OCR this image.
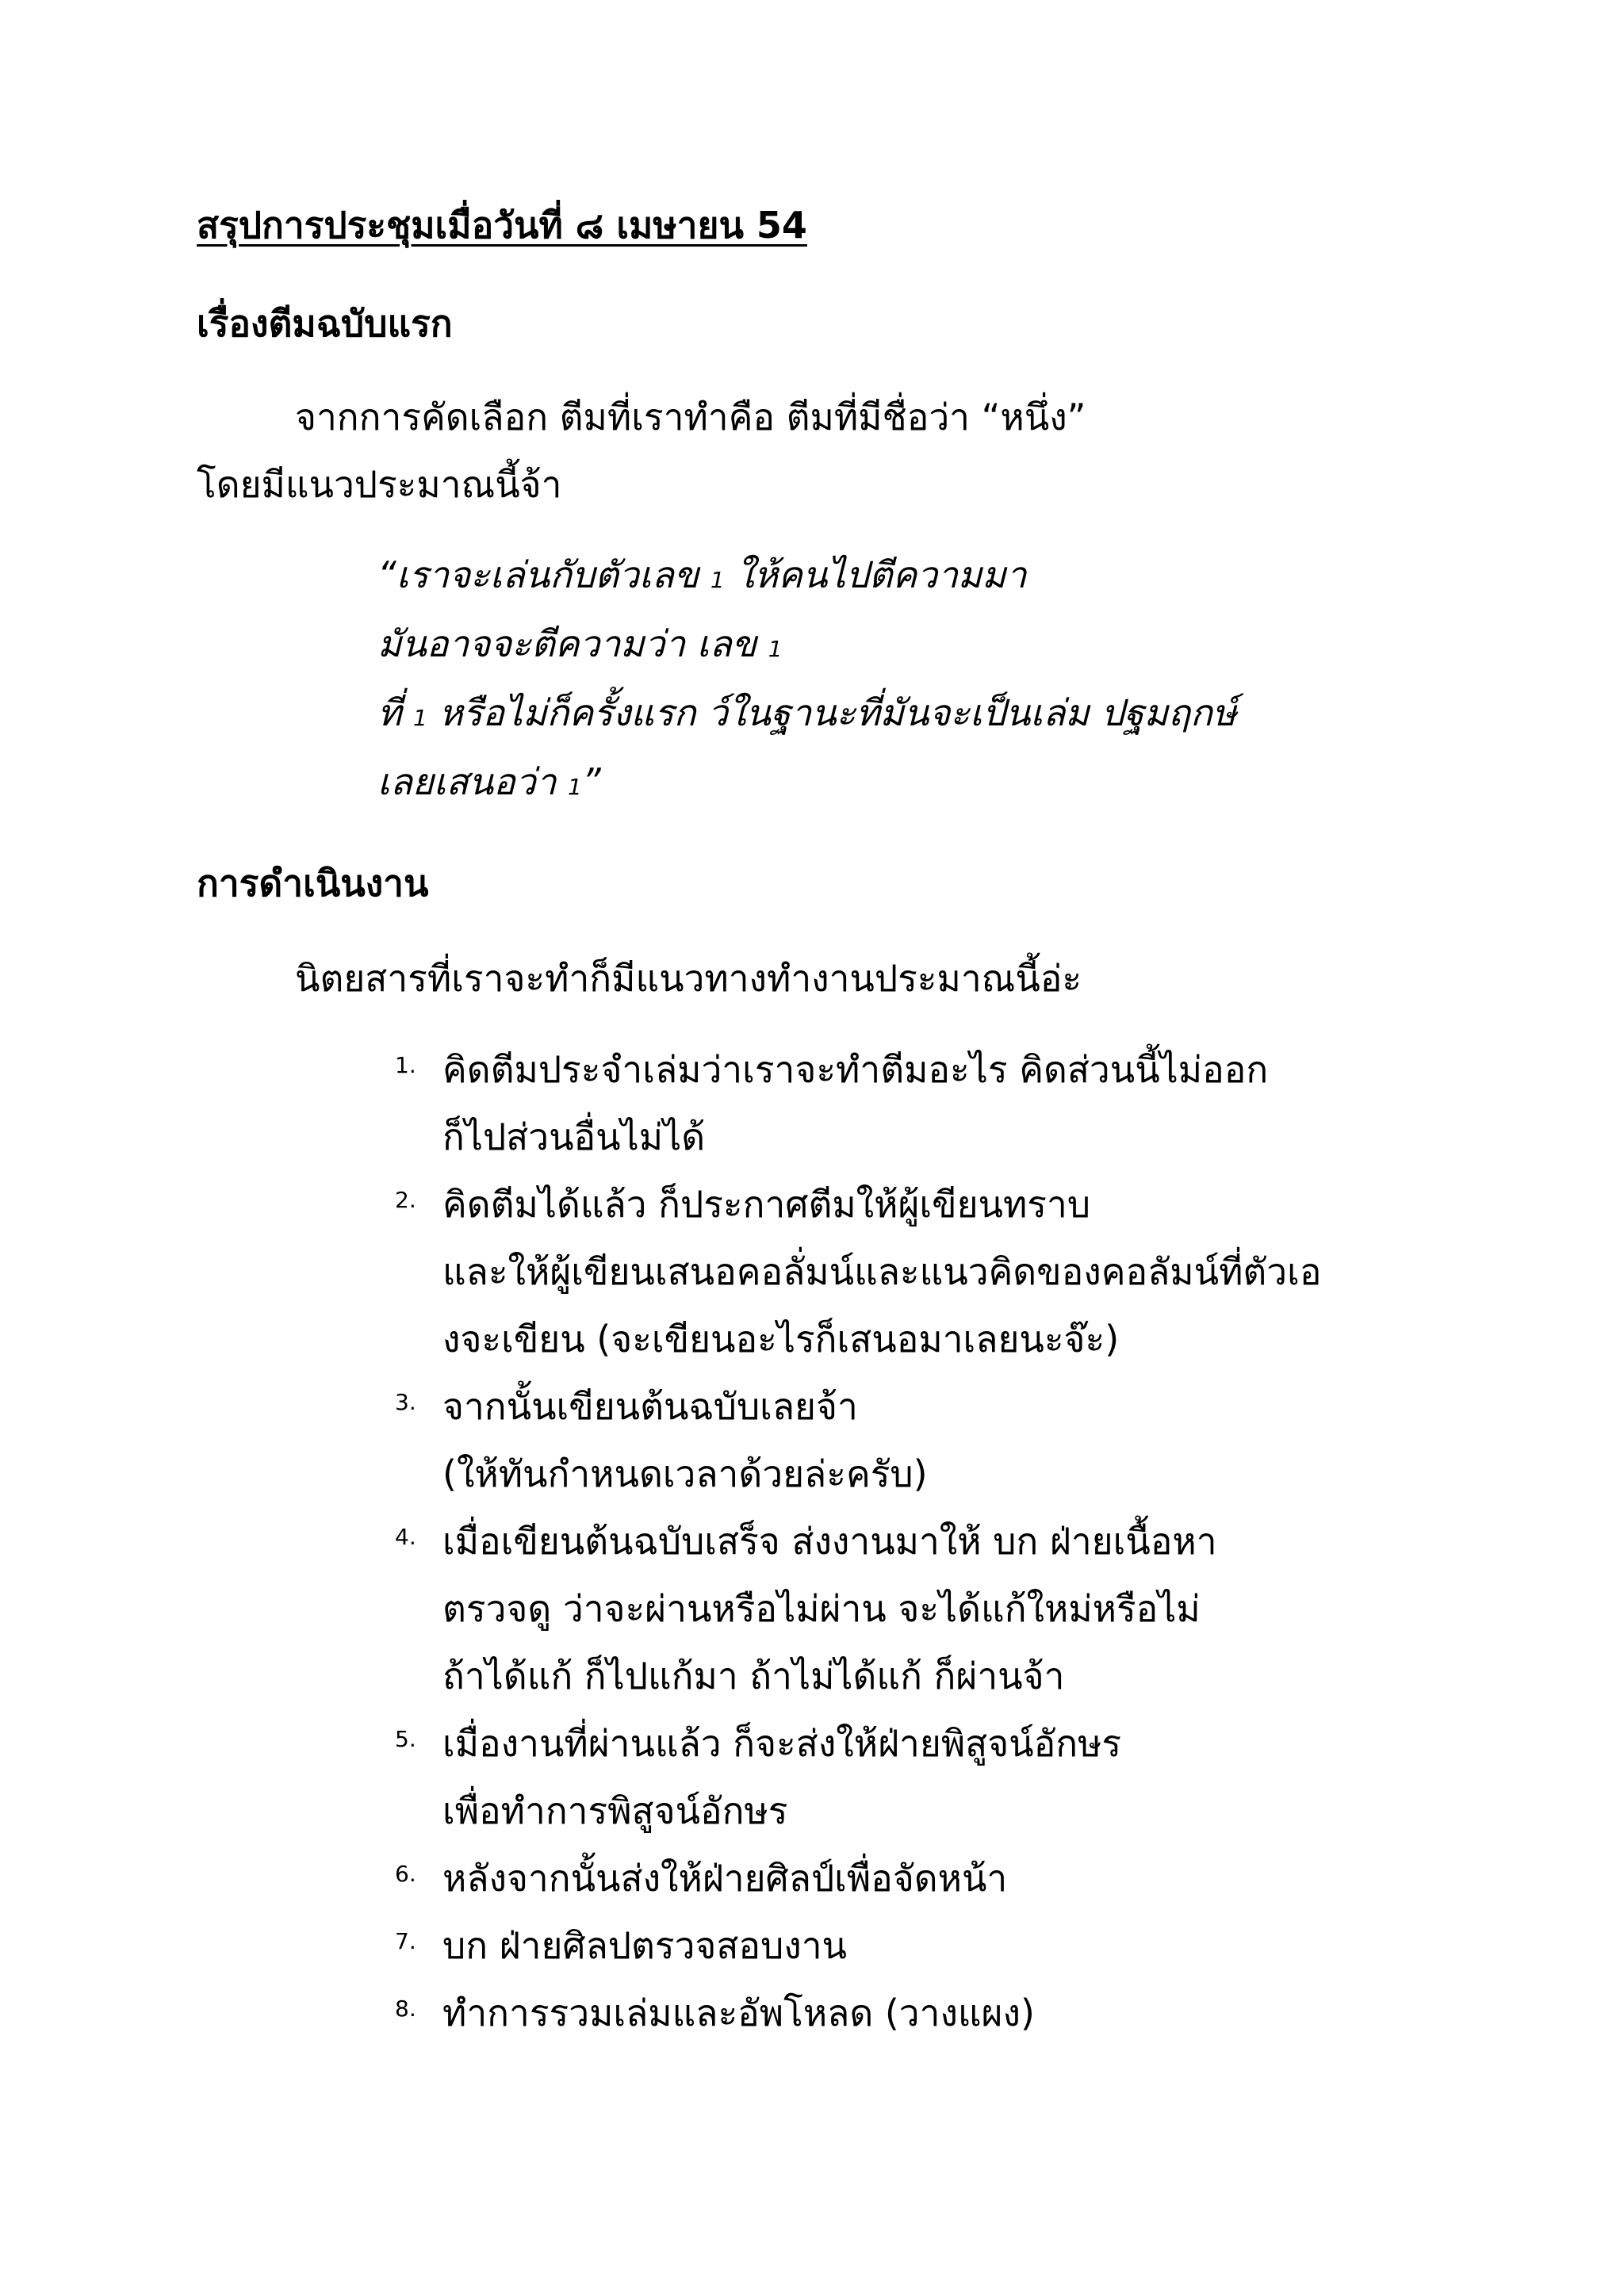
สรุปการประชุมเมื่อวันที่ ๘ เมษายน 54
เรื่องตีมฉบับแรก
จากการคัดเลือก ตีมที่เราทำคือ ตีมที่มีชื่อว่า “หนึ่ง”
โดยมีแนวประมาณนี้จ้า
“เราจะเล่นกับตัวเลข 1 ให้คนไปตีความมา
มันอาจจะตีความว่า เลข 1
ที่ 1 หรือไม่ก็ครั้งแรก ว์ในฐานะที่มันจะเป็นเล่ม ปฐมฤกษ์
เลยเสนอว่า 1”
การดำเนินงาน
นิตยสารที่เราจะทำก็มีแนวทางทำงานประมาณนี้อ่ะ
1. คิดตีมประจำเล่มว่าเราจะทำตีมอะไร คิดส่วนนี้ไม่ออก
ก็ไปส่วนอื่นไม่ได้
2. คิดตีมได้แล้ว ก็ประกาศตีมให้ผู้เขียนทราบ
และให้ผู้เขียนเสนอคอลั่มน์และแนวคิดของคอลัมน์ที่ตัวเอ
งจะเขียน (จะเขียนอะไรก็เสนอมาเลยนะจ๊ะ)
3. จากนั้นเขียนต้นฉบับเลยจ้า
(ให้ทันกำหนดเวลาด้วยล่ะครับ)
4. เมื่อเขียนต้นฉบับเสร็จ ส่งงานมาให้ บก ฝ่ายเนื้อหา
ตรวจดู ว่าจะผ่านหรือไม่ผ่าน จะได้แก้ใหม่หรือไม่
ถ้าได้แก้ ก็ไปแก้มา ถ้าไม่ได้แก้ ก็ผ่านจ้า
5. เมื่องานที่ผ่านแล้ว ก็จะส่งให้ฝ่ายพิสูจน์อักษร
เพื่อทำการพิสูจน์อักษร
6. หลังจากนั้นส่งให้ฝ่ายศิลป์เพื่อจัดหน้า
7. บก ฝ่ายศิลปตรวจสอบงาน
8. ทำการรวมเล่มและอัพโหลด (วางแผง)
